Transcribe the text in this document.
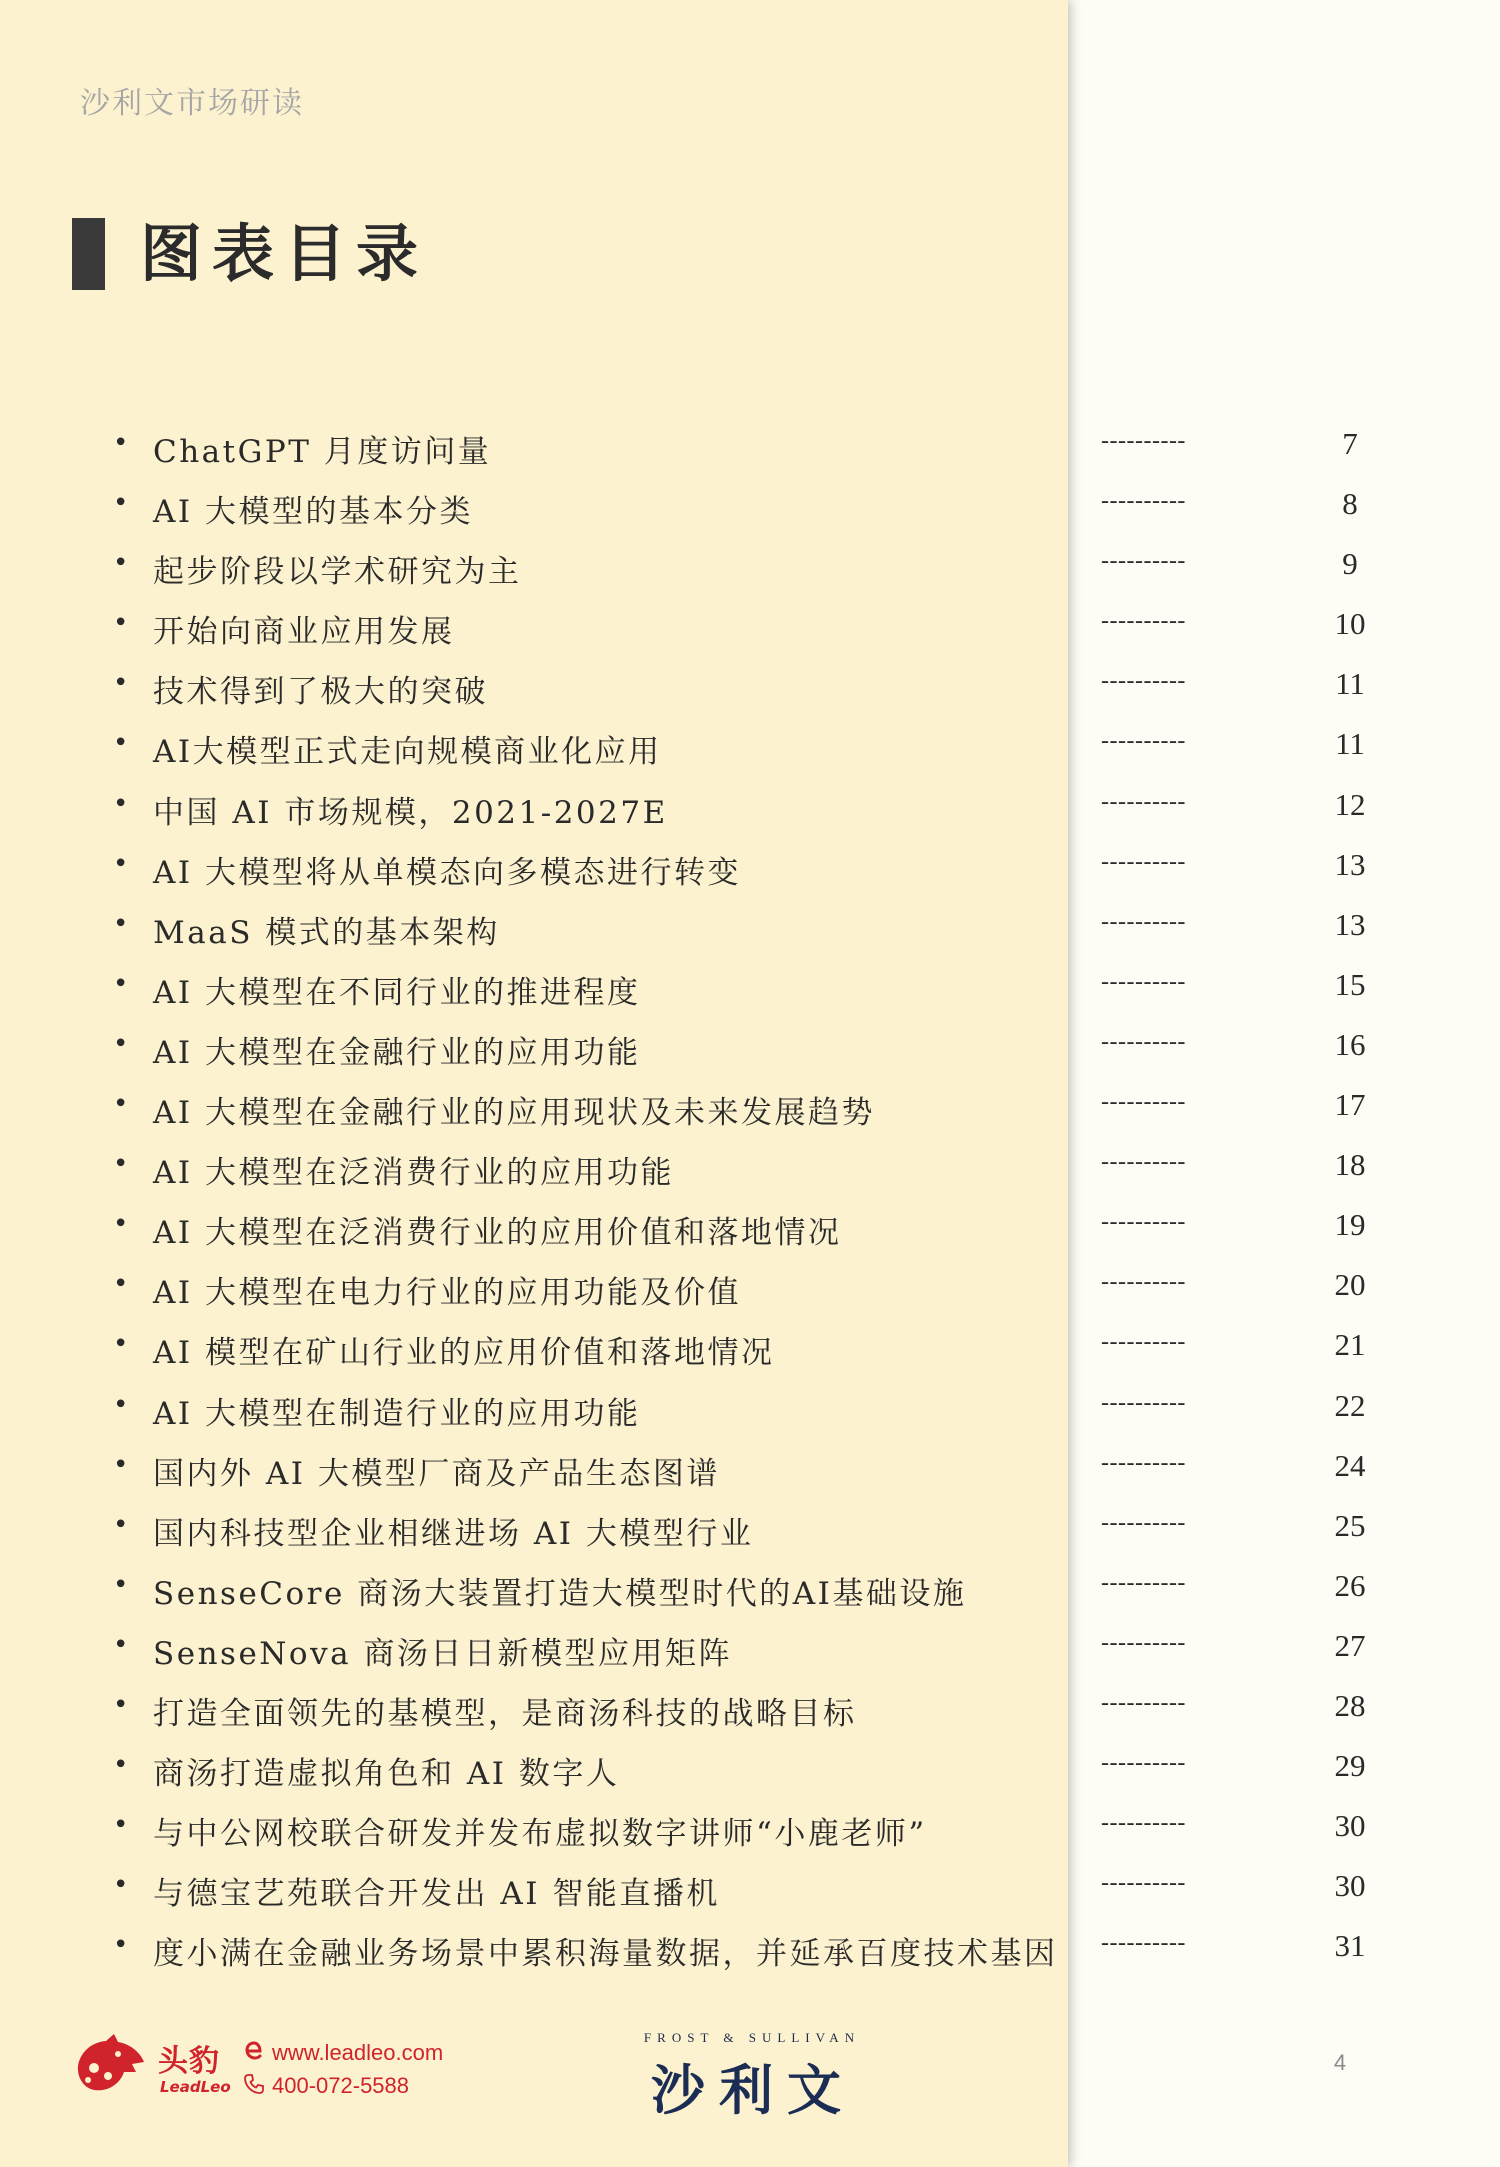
沙利文市场研读
图表目录
• ChatGPT 月度访问量	----------	7
• AI 大模型的基本分类	----------	8
• 起步阶段以学术研究为主	----------	9
• 开始向商业应用发展	----------	10
• 技术得到了极大的突破	----------	11
• AI大模型正式走向规模商业化应用	----------	11
• 中国 AI 市场规模，2021-2027E	----------	12
• AI 大模型将从单模态向多模态进行转变	----------	13
• MaaS 模式的基本架构	----------	13
• AI 大模型在不同行业的推进程度	----------	15
• AI 大模型在金融行业的应用功能	----------	16
• AI 大模型在金融行业的应用现状及未来发展趋势	----------	17
• AI 大模型在泛消费行业的应用功能	----------	18
• AI 大模型在泛消费行业的应用价值和落地情况	----------	19
• AI 大模型在电力行业的应用功能及价值	----------	20
• AI 模型在矿山行业的应用价值和落地情况	----------	21
• AI 大模型在制造行业的应用功能	----------	22
• 国内外 AI 大模型厂商及产品生态图谱	----------	24
• 国内科技型企业相继进场 AI 大模型行业	----------	25
• SenseCore 商汤大装置打造大模型时代的AI基础设施	----------	26
• SenseNova 商汤日日新模型应用矩阵	----------	27
• 打造全面领先的基模型，是商汤科技的战略目标	----------	28
• 商汤打造虚拟角色和 AI 数字人	----------	29
• 与中公网校联合研发并发布虚拟数字讲师“小鹿老师”	----------	30
• 与德宝艺苑联合开发出 AI 智能直播机	----------	30
• 度小满在金融业务场景中累积海量数据，并延承百度技术基因 ----------	31
头豹
LeadLeo
www.leadleo.com
400-072-5588
FROST & SULLIVAN
沙利文	4
